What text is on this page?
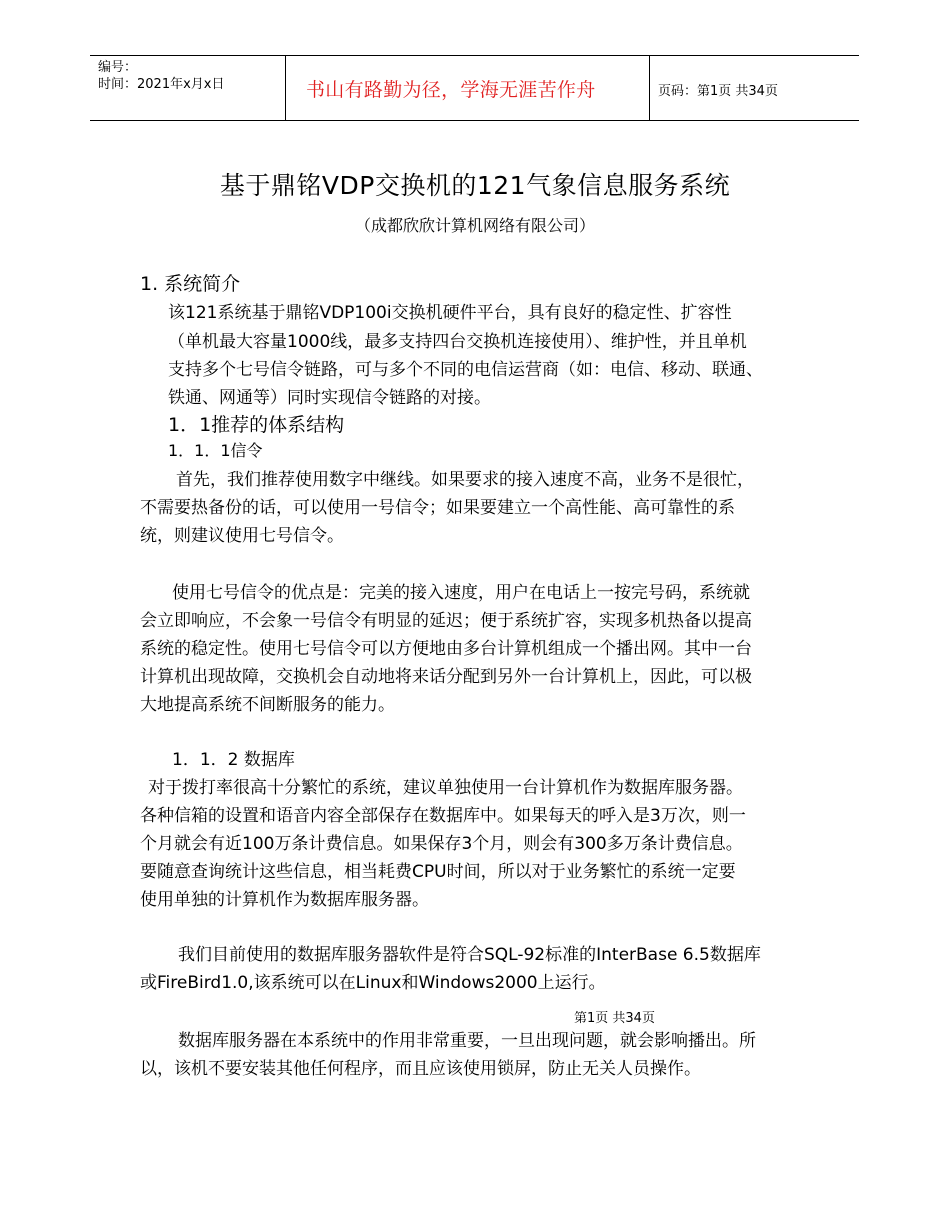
编号：
时间：2021年x月x日	书山有路勤为径，学海无涯苦作舟	页码：第1页 共34页
基于鼎铭VDP交换机的121气象信息服务系统
（成都欣欣计算机网络有限公司）
1. 系统简介
该121系统基于鼎铭VDP100i交换机硬件平台，具有良好的稳定性、扩容性
（单机最大容量1000线，最多支持四台交换机连接使用）、维护性，并且单机
支持多个七号信令链路，可与多个不同的电信运营商（如：电信、移动、联通、
铁通、网通等）同时实现信令链路的对接。
1．1推荐的体系结构
1．1．1信令
首先，我们推荐使用数字中继线。如果要求的接入速度不高，业务不是很忙，
不需要热备份的话，可以使用一号信令；如果要建立一个高性能、高可靠性的系
统，则建议使用七号信令。
使用七号信令的优点是：完美的接入速度，用户在电话上一按完号码，系统就
会立即响应，不会象一号信令有明显的延迟；便于系统扩容，实现多机热备以提高
系统的稳定性。使用七号信令可以方便地由多台计算机组成一个播出网。其中一台
计算机出现故障，交换机会自动地将来话分配到另外一台计算机上，因此，可以极
大地提高系统不间断服务的能力。
1．1．2 数据库
对于拨打率很高十分繁忙的系统，建议单独使用一台计算机作为数据库服务器。
各种信箱的设置和语音内容全部保存在数据库中。如果每天的呼入是3万次，则一
个月就会有近100万条计费信息。如果保存3个月，则会有300多万条计费信息。
要随意查询统计这些信息，相当耗费CPU时间，所以对于业务繁忙的系统一定要
使用单独的计算机作为数据库服务器。
我们目前使用的数据库服务器软件是符合SQL-92标准的InterBase 6.5数据库
或FireBird1.0,该系统可以在Linux和Windows2000上运行。
第1页 共34页
数据库服务器在本系统中的作用非常重要，一旦出现问题，就会影响播出。所
以，该机不要安装其他任何程序，而且应该使用锁屏，防止无关人员操作。
